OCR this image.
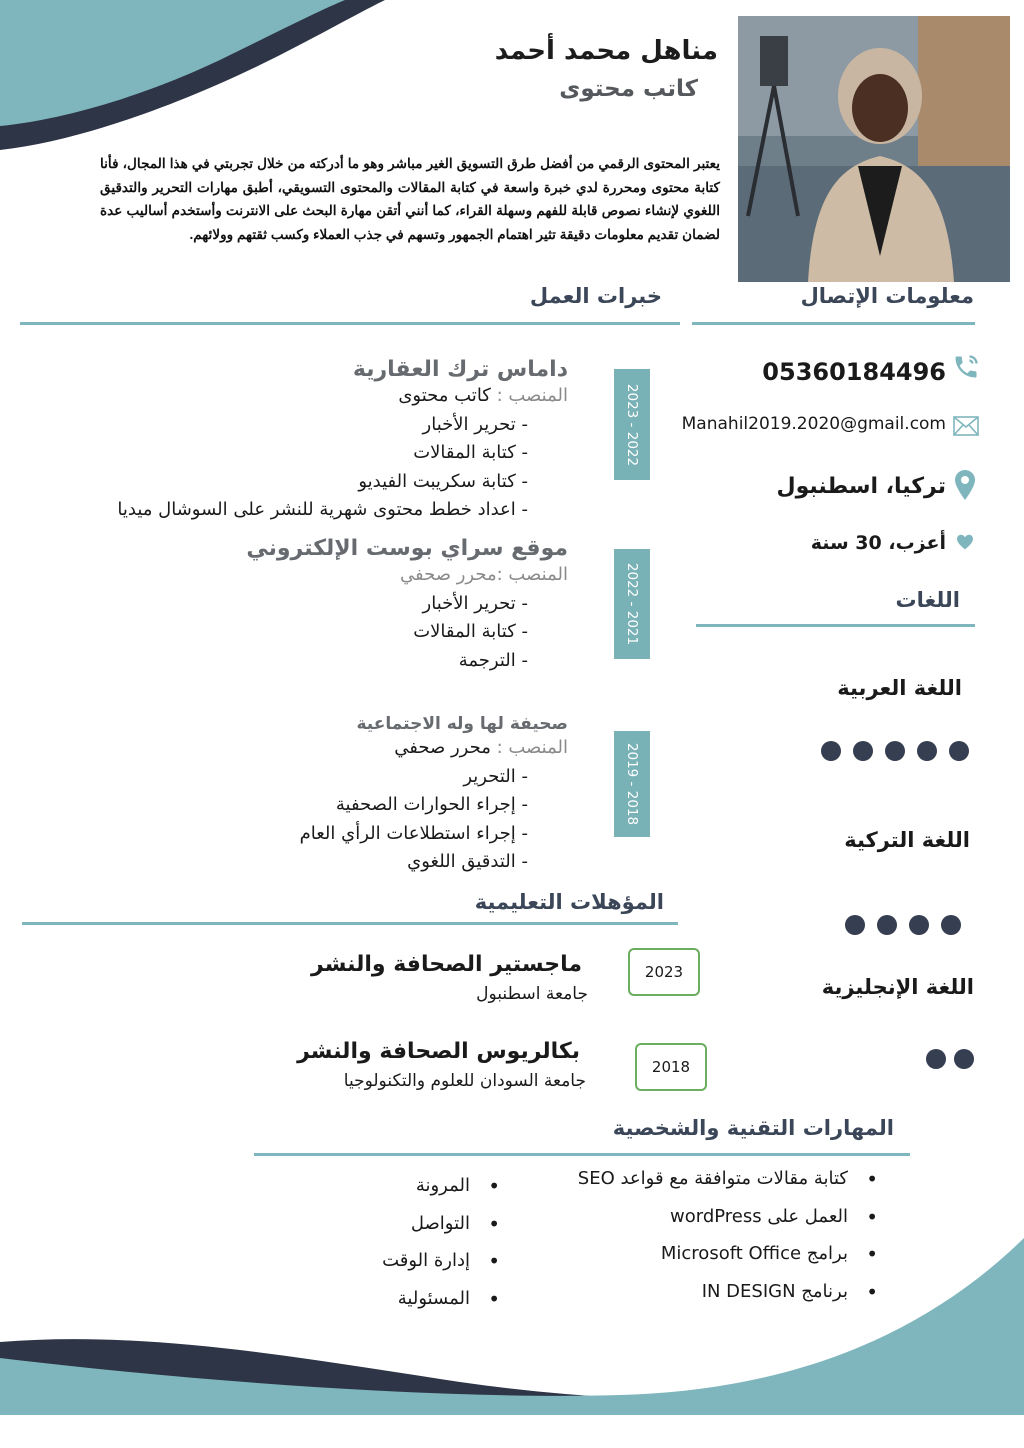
مناهل محمد أحمد
كاتب محتوى
يعتبر المحتوى الرقمي من أفضل طرق التسويق الغير مباشر وهو ما أدركته من خلال تجربتي في هذا المجال، فأنا كتابة محتوى ومحررة لدي خبرة واسعة في كتابة المقالات والمحتوى التسويقي، أطبق مهارات التحرير والتدقيق اللغوي لإنشاء نصوص قابلة للفهم وسهلة القراء، كما أنني أتقن مهارة البحث على الانترنت وأستخدم أساليب عدة لضمان تقديم معلومات دقيقة تثير اهتمام الجمهور وتسهم في جذب العملاء وكسب ثقتهم وولائهم.
معلومات الإتصال
05360184496
Manahil2019.2020@gmail.com
تركيا، اسطنبول
أعزب، 30 سنة
اللغات
اللغة العربية
اللغة التركية
اللغة الإنجليزية
خبرات العمل
2023 - 2022
داماس ترك العقارية
المنصب : كاتب محتوى
- تحرير الأخبار
- كتابة المقالات
- كتابة سكريبت الفيديو
- اعداد خطط محتوى شهرية للنشر على السوشال ميديا
2022 - 2021
موقع سراي بوست الإلكتروني
المنصب :محرر صحفي
- تحرير الأخبار
- كتابة المقالات
- الترجمة
2019 - 2018
صحيفة لها وله الاجتماعية
المنصب : محرر صحفي
- التحرير
- إجراء الحوارات الصحفية
- إجراء استطلاعات الرأي العام
- التدقيق اللغوي
المؤهلات التعليمية
ماجستير الصحافة والنشر
جامعة اسطنبول
2023
بكالريوس الصحافة والنشر
جامعة السودان للعلوم والتكنولوجيا
2018
المهارات التقنية والشخصية
• كتابة مقالات متوافقة مع قواعد SEO
• العمل على wordPress
• برامج Microsoft Office
• برنامج IN DESIGN
• المرونة
• التواصل
• إدارة الوقت
• المسئولية
